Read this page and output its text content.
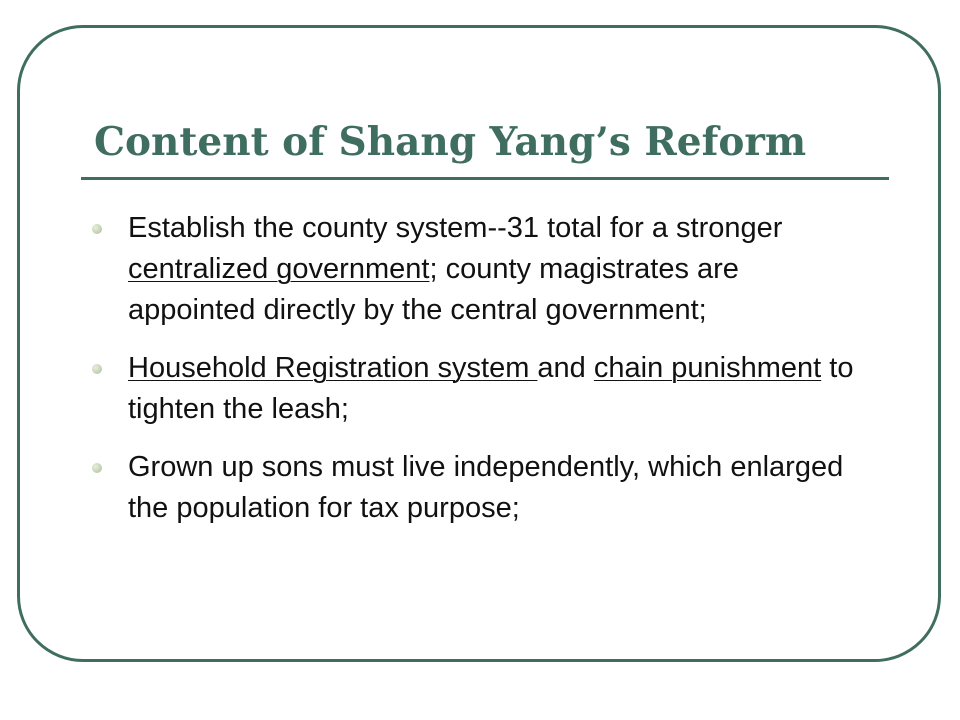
Content of Shang Yang’s Reform
Establish the county system--31 total for a stronger centralized government; county magistrates are appointed directly by the central government;
Household Registration system and chain punishment to tighten the leash;
Grown up sons must live independently, which enlarged the population for tax purpose;
